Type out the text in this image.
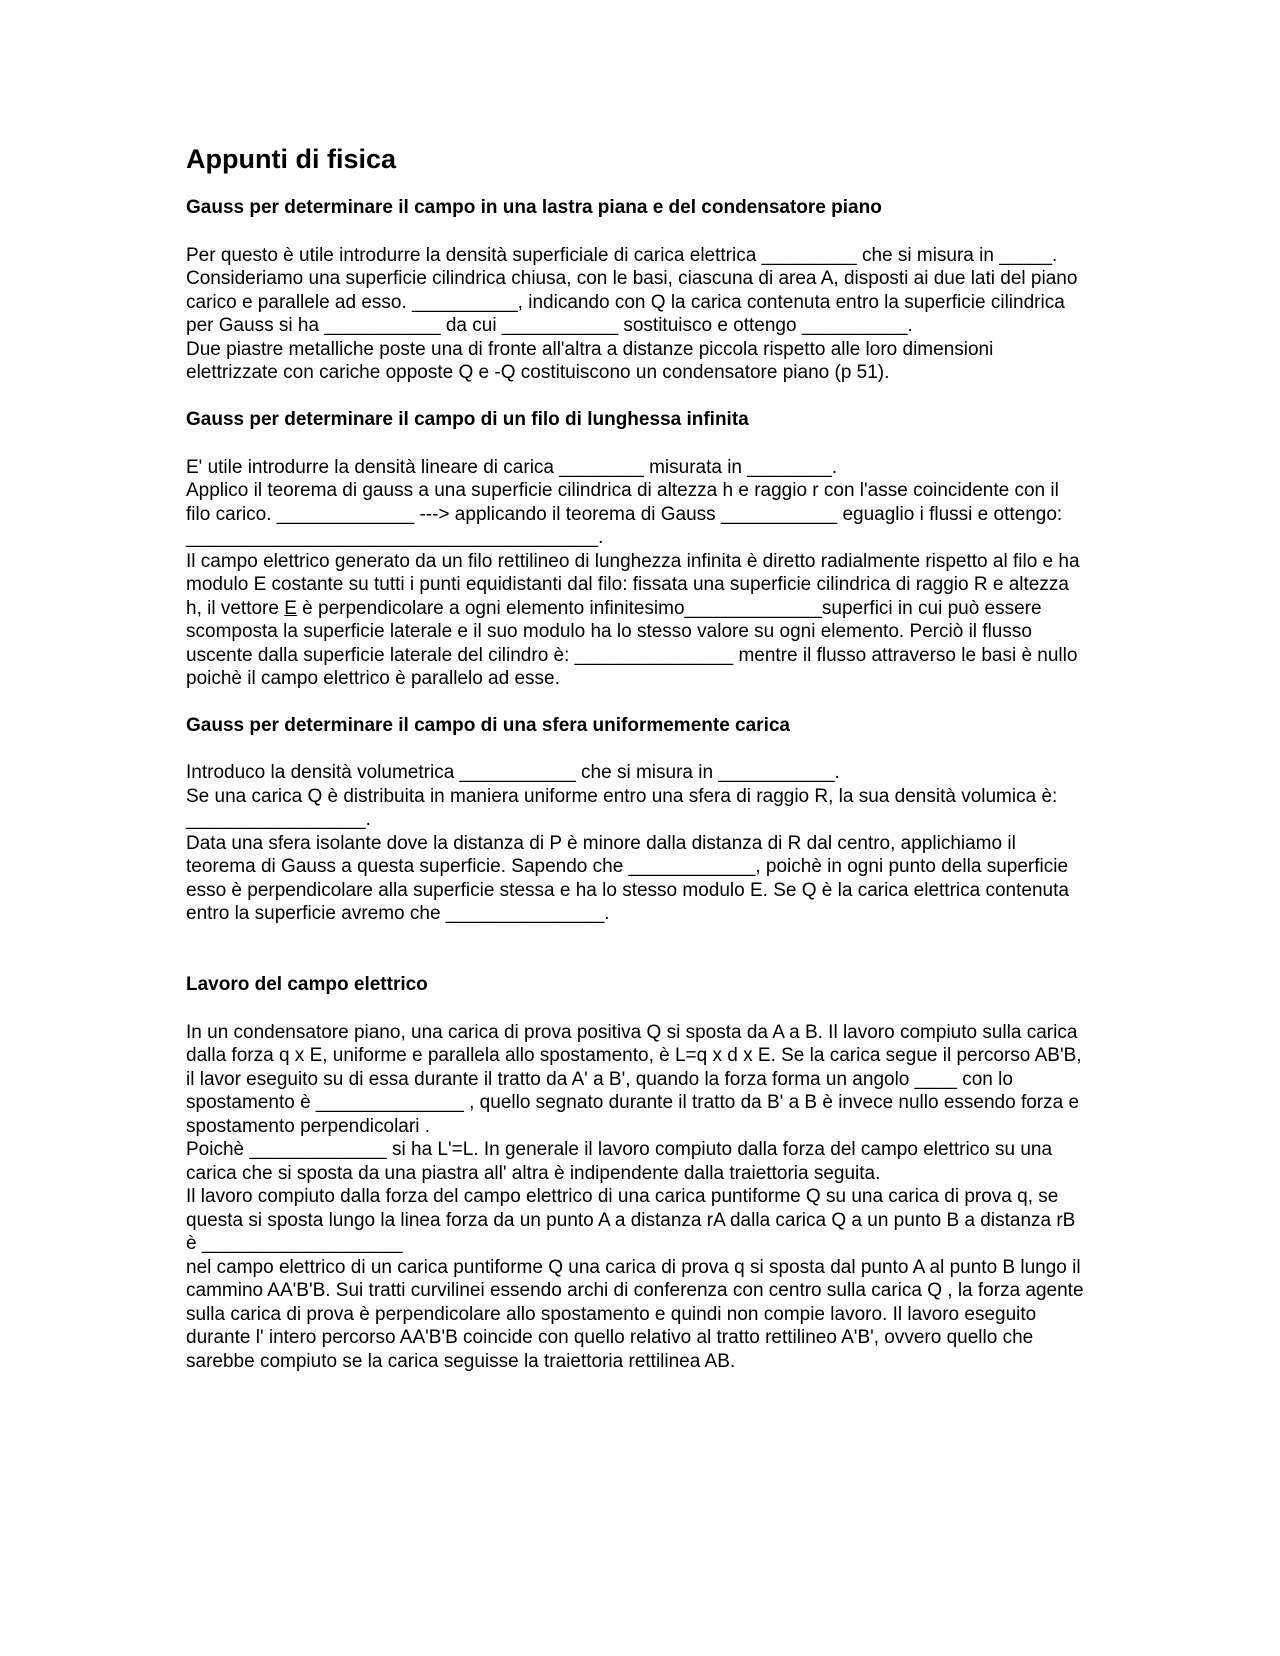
Appunti di fisica
Gauss per determinare il campo in una lastra piana e del condensatore piano

Per questo è utile introdurre la densità superficiale di carica elettrica _________ che si misura in _____. Consideriamo una superficie cilindrica chiusa, con le basi, ciascuna di area A, disposti ai due lati del piano carico e parallele ad esso. __________, indicando con Q la carica contenuta entro la superficie cilindrica per Gauss si ha ___________ da cui ___________ sostituisco e ottengo __________.

Due piastre metalliche poste una di fronte all'altra a distanze piccola rispetto alle loro dimensioni elettrizzate con cariche opposte Q e -Q costituiscono un condensatore piano (p 51).

Gauss per determinare il campo di un filo di lunghessa infinita

E' utile introdurre la densità lineare di carica ________ misurata in ________.

Applico il teorema di gauss a una superficie cilindrica di altezza h e raggio r con l'asse coincidente con il filo carico. _____________ ---> applicando il teorema di Gauss ___________ eguaglio i flussi e ottengo: _______________________________________.

Il campo elettrico generato da un filo rettilineo di lunghezza infinita è diretto radialmente rispetto al filo e ha modulo E costante su tutti i punti equidistanti dal filo: fissata una superficie cilindrica di raggio R e altezza h, il vettore E è perpendicolare a ogni elemento infinitesimo_____________superfici in cui può essere scomposta la superficie laterale e il suo modulo ha lo stesso valore su ogni elemento. Perciò il flusso uscente dalla superficie laterale del cilindro è: _______________ mentre il flusso attraverso le basi è nullo poichè il campo elettrico è parallelo ad esse.

Gauss per determinare il campo di una sfera uniformemente carica

Introduco la densità volumetrica ___________ che si misura in ___________.

Se una carica Q è distribuita in maniera uniforme entro una sfera di raggio R, la sua densità volumica è: _________________.

Data una sfera isolante dove la distanza di P è minore dalla distanza di R dal centro, applichiamo il teorema di Gauss a questa superficie. Sapendo che ____________, poichè in ogni punto della superficie esso è perpendicolare alla superficie stessa e ha lo stesso modulo E. Se Q è la carica elettrica contenuta entro la superficie avremo che _______________.

Lavoro del campo elettrico

In un condensatore piano, una carica di prova positiva Q si sposta da A a B. Il lavoro compiuto sulla carica dalla forza q x E, uniforme e parallela allo spostamento, è L=q x d x E. Se la carica segue il percorso AB'B, il lavor eseguito su di essa durante il tratto da A' a B', quando la forza forma un angolo ____ con lo spostamento è ______________ , quello segnato durante il tratto da B' a B è invece nullo essendo forza e spostamento perpendicolari .

Poichè _____________ si ha L'=L. In generale il lavoro compiuto dalla forza del campo elettrico su una carica che si sposta da una piastra all' altra è indipendente dalla traiettoria seguita.

Il lavoro compiuto dalla forza del campo elettrico di una carica puntiforme Q su una carica di prova q, se questa si sposta lungo la linea forza da un punto A a distanza rA dalla carica Q a un punto B a distanza rB è ___________________

nel campo elettrico di un carica puntiforme Q una carica di prova q si sposta dal punto A al punto B lungo il cammino AA'B'B. Sui tratti curvilinei essendo archi di conferenza con centro sulla carica Q , la forza agente sulla carica di prova è perpendicolare allo spostamento e quindi non compie lavoro. Il lavoro eseguito durante l' intero percorso AA'B'B coincide con quello relativo al tratto rettilineo A'B', ovvero quello che sarebbe compiuto se la carica seguisse la traiettoria rettilinea AB.
